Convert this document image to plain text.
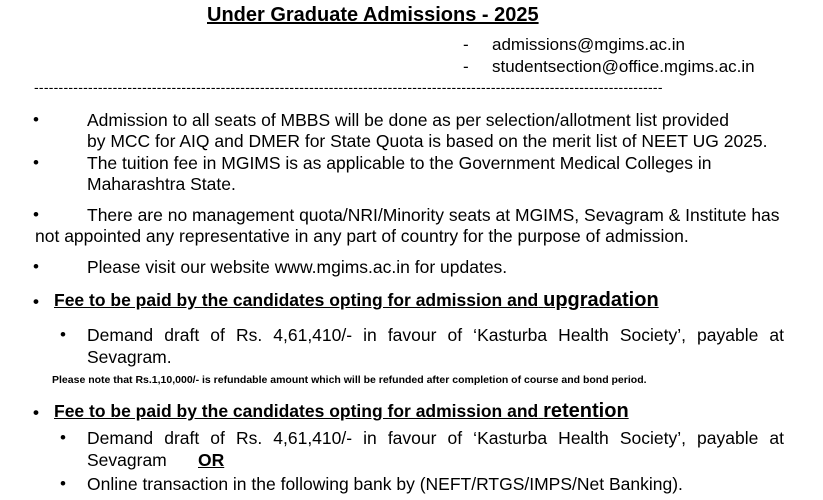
Under Graduate Admissions - 2025
- admissions@mgims.ac.in
- studentsection@office.mgims.ac.in
--------------------------------------------------------------------------------------------------------------------------------
•	Admission to all seats of MBBS will be done as per selection/allotment list provided
by MCC for AIQ and DMER for State Quota is based on the merit list of NEET UG 2025.
•	The tuition fee in MGIMS is as applicable to the Government Medical Colleges in
Maharashtra State.
•	There are no management quota/NRI/Minority seats at MGIMS, Sevagram & Institute has
not appointed any representative in any part of country for the purpose of admission.
•	Please visit our website www.mgims.ac.in for updates.
• Fee to be paid by the candidates opting for admission and upgradation
• Demand draft of Rs. 4,61,410/- in favour of ‘Kasturba Health Society’, payable at
Sevagram.
Please note that Rs.1,10,000/- is refundable amount which will be refunded after completion of course and bond period.
• Fee to be paid by the candidates opting for admission and retention
• Demand draft of Rs. 4,61,410/- in favour of ‘Kasturba Health Society’, payable at
Sevagram OR
• Online transaction in the following bank by (NEFT/RTGS/IMPS/Net Banking).
